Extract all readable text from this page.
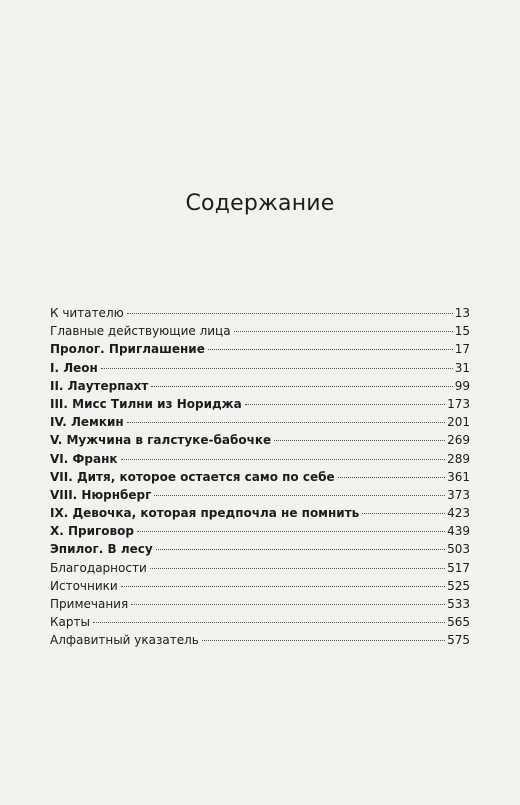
Содержание
К читателю	13
Главные действующие лица	15
Пролог. Приглашение	17
I. Леон	31
II. Лаутерпахт	99
III. Мисс Тилни из Нориджа	173
IV. Лемкин	201
V. Мужчина в галстуке-бабочке	269
VI. Франк	289
VII. Дитя, которое остается само по себе	361
VIII. Нюрнберг	373
IX. Девочка, которая предпочла не помнить	423
X. Приговор	439
Эпилог. В лесу	503
Благодарности	517
Источники	525
Примечания	533
Карты	565
Алфавитный указатель	575
